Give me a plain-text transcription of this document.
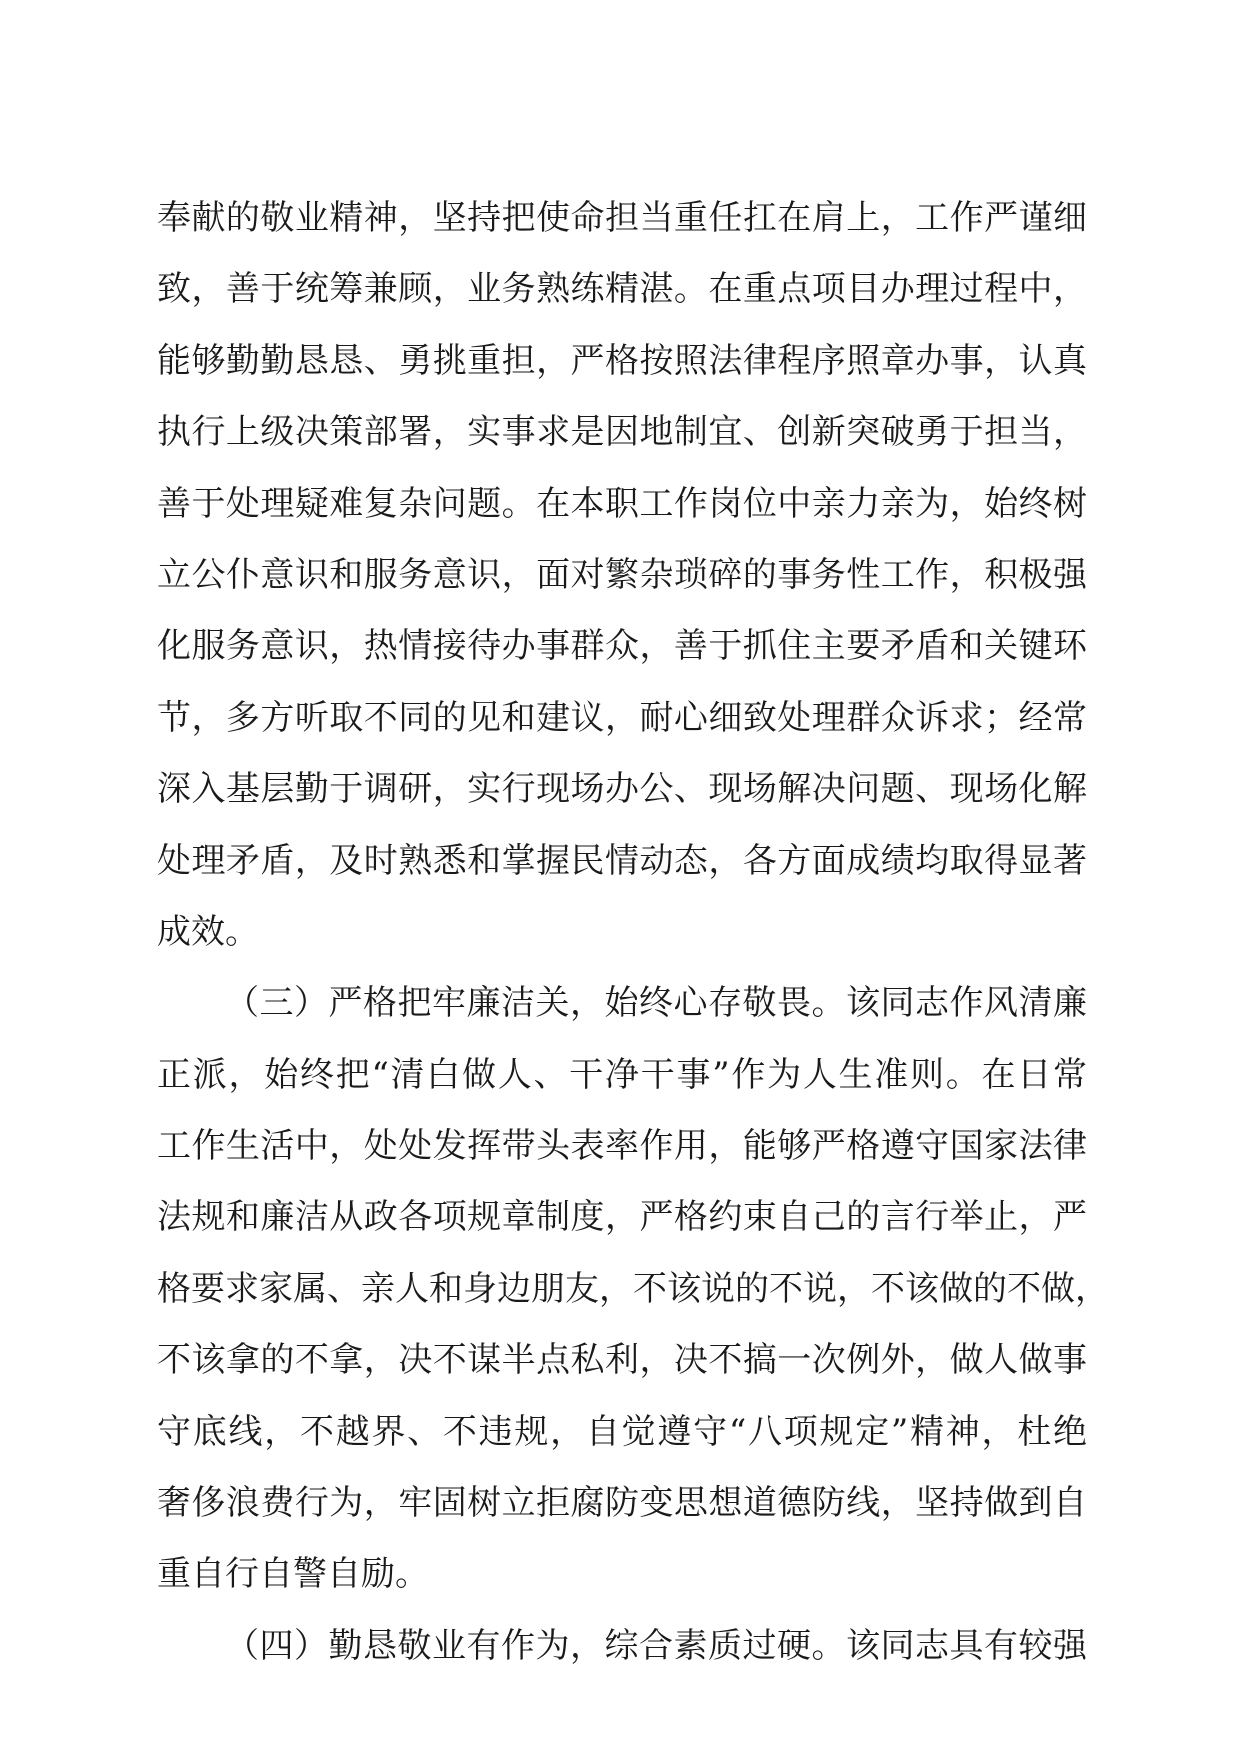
奉献的敬业精神，坚持把使命担当重任扛在肩上，工作严谨细
致，善于统筹兼顾，业务熟练精湛。在重点项目办理过程中，
能够勤勤恳恳、勇挑重担，严格按照法律程序照章办事，认真
执行上级决策部署，实事求是因地制宜、创新突破勇于担当，
善于处理疑难复杂问题。在本职工作岗位中亲力亲为，始终树
立公仆意识和服务意识，面对繁杂琐碎的事务性工作，积极强
化服务意识，热情接待办事群众，善于抓住主要矛盾和关键环
节，多方听取不同的见和建议，耐心细致处理群众诉求；经常
深入基层勤于调研，实行现场办公、现场解决问题、现场化解
处理矛盾，及时熟悉和掌握民情动态，各方面成绩均取得显著
成效。
（三）严格把牢廉洁关，始终心存敬畏。该同志作风清廉
正派，始终把“清白做人、干净干事”作为人生准则。在日常
工作生活中，处处发挥带头表率作用，能够严格遵守国家法律
法规和廉洁从政各项规章制度，严格约束自己的言行举止，严
格要求家属、亲人和身边朋友，不该说的不说，不该做的不做，
不该拿的不拿，决不谋半点私利，决不搞一次例外，做人做事
守底线，不越界、不违规，自觉遵守“八项规定”精神，杜绝
奢侈浪费行为，牢固树立拒腐防变思想道德防线，坚持做到自
重自行自警自励。
（四）勤恳敬业有作为，综合素质过硬。该同志具有较强
